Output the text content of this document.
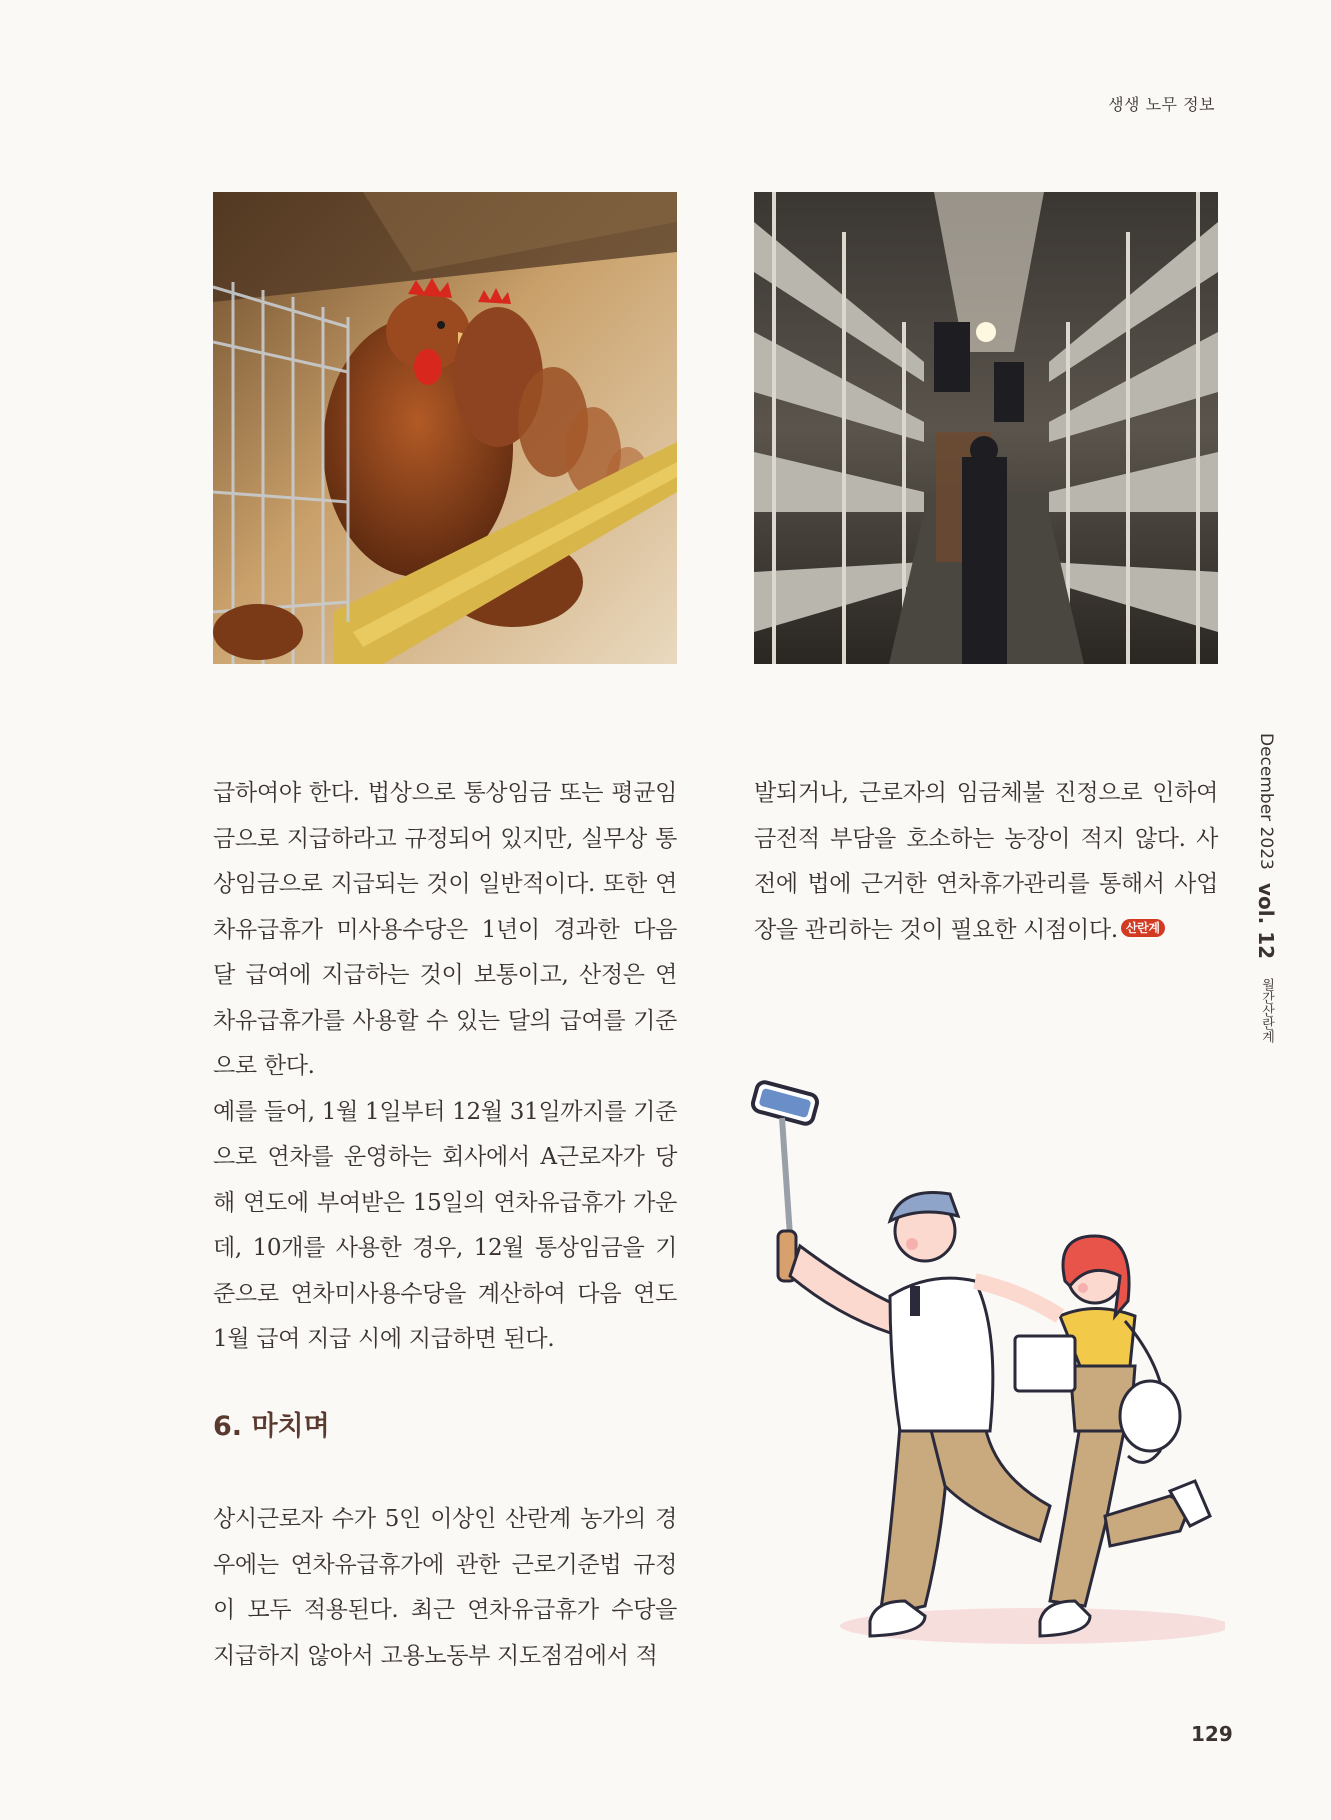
생생 노무 정보
December 2023 vol. 12 월간산란계

급하여야 한다. 법상으로 통상임금 또는 평균임금으로 지급하라고 규정되어 있지만, 실무상 통상임금으로 지급되는 것이 일반적이다. 또한 연차유급휴가 미사용수당은 1년이 경과한 다음 달 급여에 지급하는 것이 보통이고, 산정은 연차유급휴가를 사용할 수 있는 달의 급여를 기준으로 한다.

예를 들어, 1월 1일부터 12월 31일까지를 기준으로 연차를 운영하는 회사에서 A근로자가 당해 연도에 부여받은 15일의 연차유급휴가 가운데, 10개를 사용한 경우, 12월 통상임금을 기준으로 연차미사용수당을 계산하여 다음 연도 1월 급여 지급 시에 지급하면 된다.

6. 마치며

상시근로자 수가 5인 이상인 산란계 농가의 경우에는 연차유급휴가에 관한 근로기준법 규정이 모두 적용된다. 최근 연차유급휴가 수당을 지급하지 않아서 고용노동부 지도점검에서 적

발되거나, 근로자의 임금체불 진정으로 인하여 금전적 부담을 호소하는 농장이 적지 않다. 사전에 법에 근거한 연차휴가관리를 통해서 사업장을 관리하는 것이 필요한 시점이다. 산란계

129
